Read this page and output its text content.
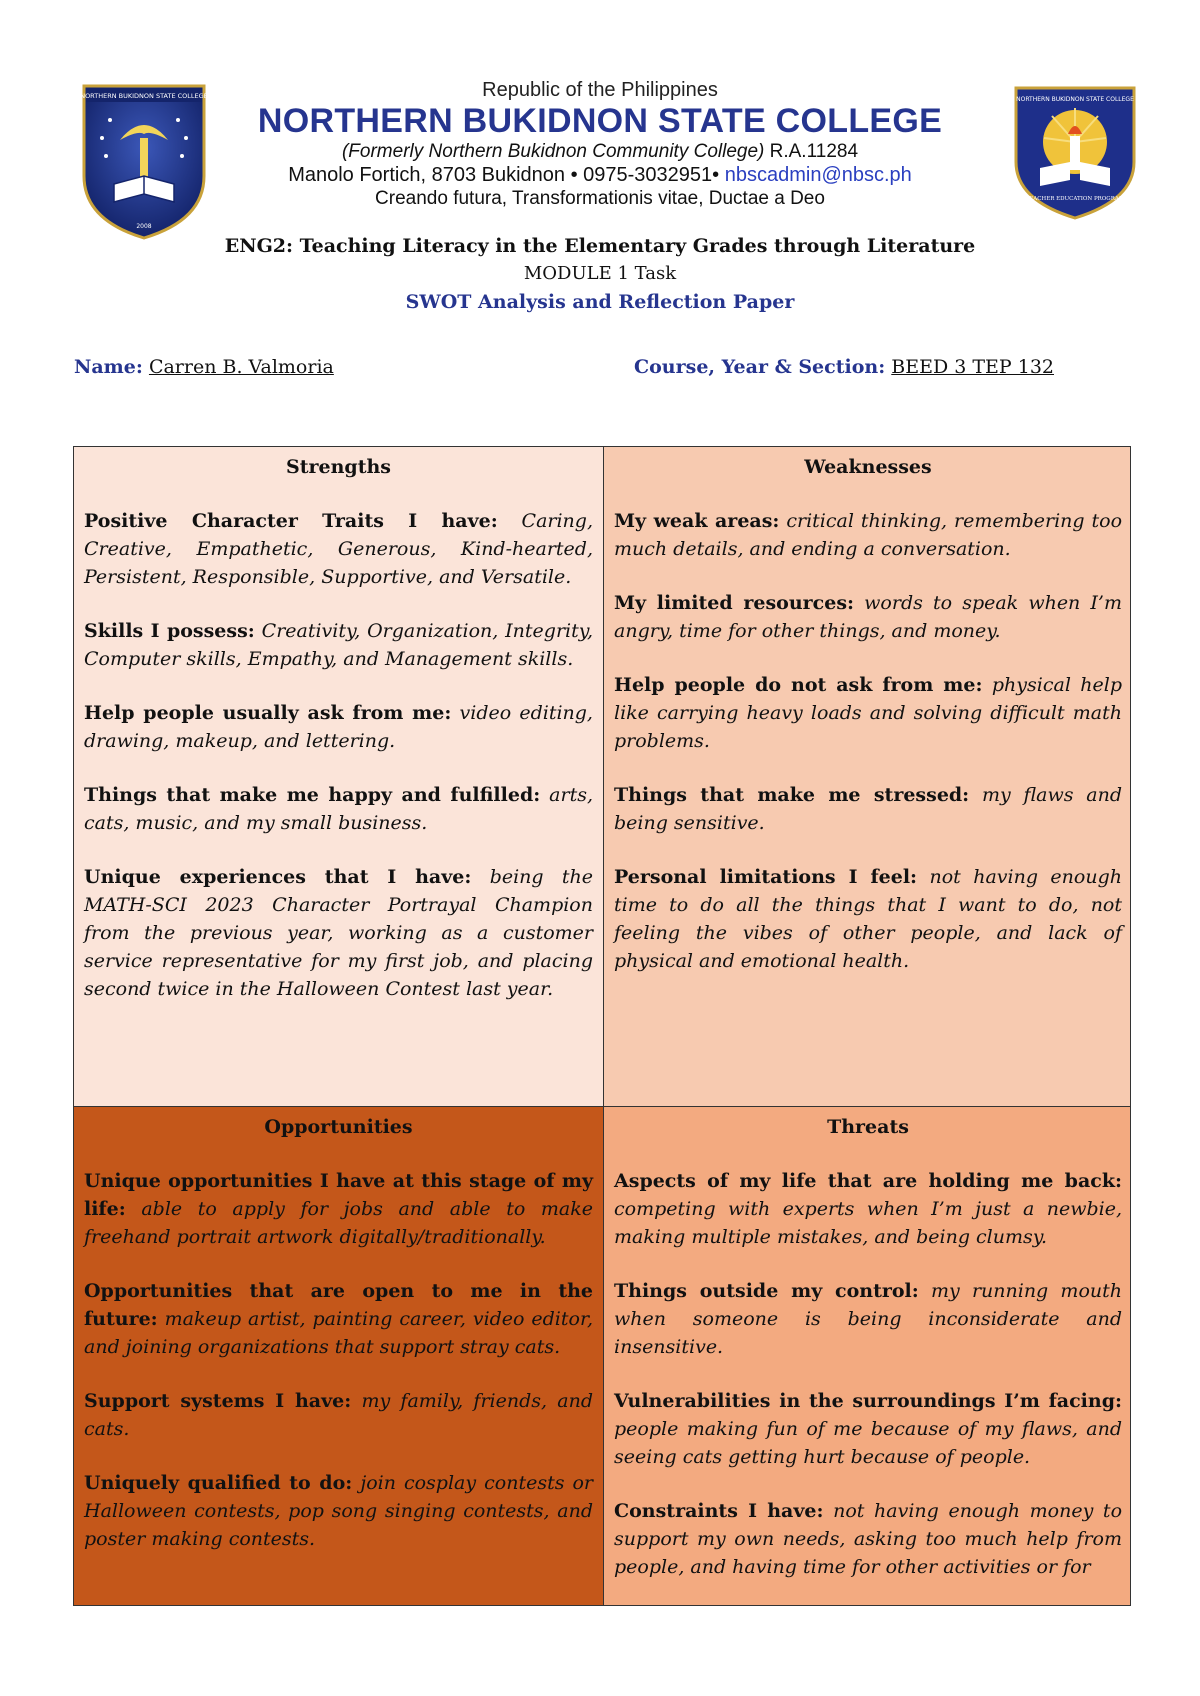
NORTHERN BUKIDNON STATE COLLEGE
2008
Republic of the Philippines
NORTHERN BUKIDNON STATE COLLEGE
(Formerly Northern Bukidnon Community College) R.A.11284
Manolo Fortich, 8703 Bukidnon • 0975-3032951• nbscadmin@nbsc.ph
Creando futura, Transformationis vitae, Ductae a Deo
NORTHERN BUKIDNON STATE COLLEGE
TEACHER EDUCATION PROGRAM
ENG2: Teaching Literacy in the Elementary Grades through Literature
MODULE 1 Task
SWOT Analysis and Reflection Paper
Name: Carren B. Valmoria	Course, Year & Section: BEED 3 TEP 132
Strengths
Positive Character Traits I have: Caring, Creative, Empathetic, Generous, Kind-hearted, Persistent, Responsible, Supportive, and Versatile.
Skills I possess: Creativity, Organization, Integrity, Computer skills, Empathy, and Management skills.
Help people usually ask from me: video editing, drawing, makeup, and lettering.
Things that make me happy and fulfilled: arts, cats, music, and my small business.
Unique experiences that I have: being the MATH-SCI 2023 Character Portrayal Champion from the previous year, working as a customer service representative for my first job, and placing second twice in the Halloween Contest last year.
Weaknesses
My weak areas: critical thinking, remembering too much details, and ending a conversation.
My limited resources: words to speak when I’m angry, time for other things, and money.
Help people do not ask from me: physical help like carrying heavy loads and solving difficult math problems.
Things that make me stressed: my flaws and being sensitive.
Personal limitations I feel: not having enough time to do all the things that I want to do, not feeling the vibes of other people, and lack of physical and emotional health.
Opportunities
Unique opportunities I have at this stage of my life: able to apply for jobs and able to make freehand portrait artwork digitally/traditionally.
Opportunities that are open to me in the future: makeup artist, painting career, video editor, and joining organizations that support stray cats.
Support systems I have: my family, friends, and cats.
Uniquely qualified to do: join cosplay contests or Halloween contests, pop song singing contests, and poster making contests.
Threats
Aspects of my life that are holding me back: competing with experts when I’m just a newbie, making multiple mistakes, and being clumsy.
Things outside my control: my running mouth when someone is being inconsiderate and insensitive.
Vulnerabilities in the surroundings I’m facing: people making fun of me because of my flaws, and seeing cats getting hurt because of people.
Constraints I have: not having enough money to support my own needs, asking too much help from people, and having time for other activities or for
